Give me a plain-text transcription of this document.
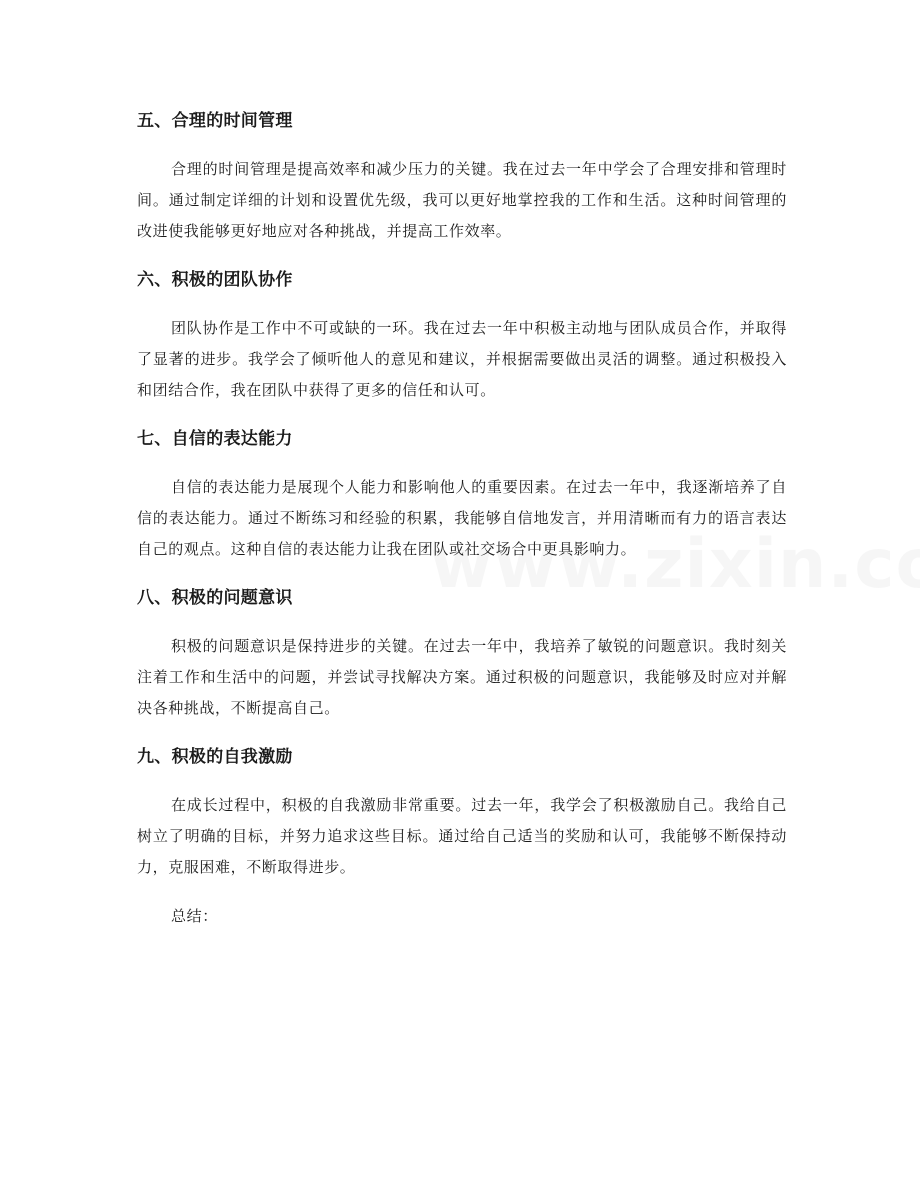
五、合理的时间管理

合理的时间管理是提高效率和减少压力的关键。我在过去一年中学会了合理安排和管理时间。通过制定详细的计划和设置优先级，我可以更好地掌控我的工作和生活。这种时间管理的改进使我能够更好地应对各种挑战，并提高工作效率。

六、积极的团队协作

团队协作是工作中不可或缺的一环。我在过去一年中积极主动地与团队成员合作，并取得了显著的进步。我学会了倾听他人的意见和建议，并根据需要做出灵活的调整。通过积极投入和团结合作，我在团队中获得了更多的信任和认可。

七、自信的表达能力

自信的表达能力是展现个人能力和影响他人的重要因素。在过去一年中，我逐渐培养了自信的表达能力。通过不断练习和经验的积累，我能够自信地发言，并用清晰而有力的语言表达自己的观点。这种自信的表达能力让我在团队或社交场合中更具影响力。

八、积极的问题意识

积极的问题意识是保持进步的关键。在过去一年中，我培养了敏锐的问题意识。我时刻关注着工作和生活中的问题，并尝试寻找解决方案。通过积极的问题意识，我能够及时应对并解决各种挑战，不断提高自己。

九、积极的自我激励

在成长过程中，积极的自我激励非常重要。过去一年，我学会了积极激励自己。我给自己树立了明确的目标，并努力追求这些目标。通过给自己适当的奖励和认可，我能够不断保持动力，克服困难，不断取得进步。

总结：
